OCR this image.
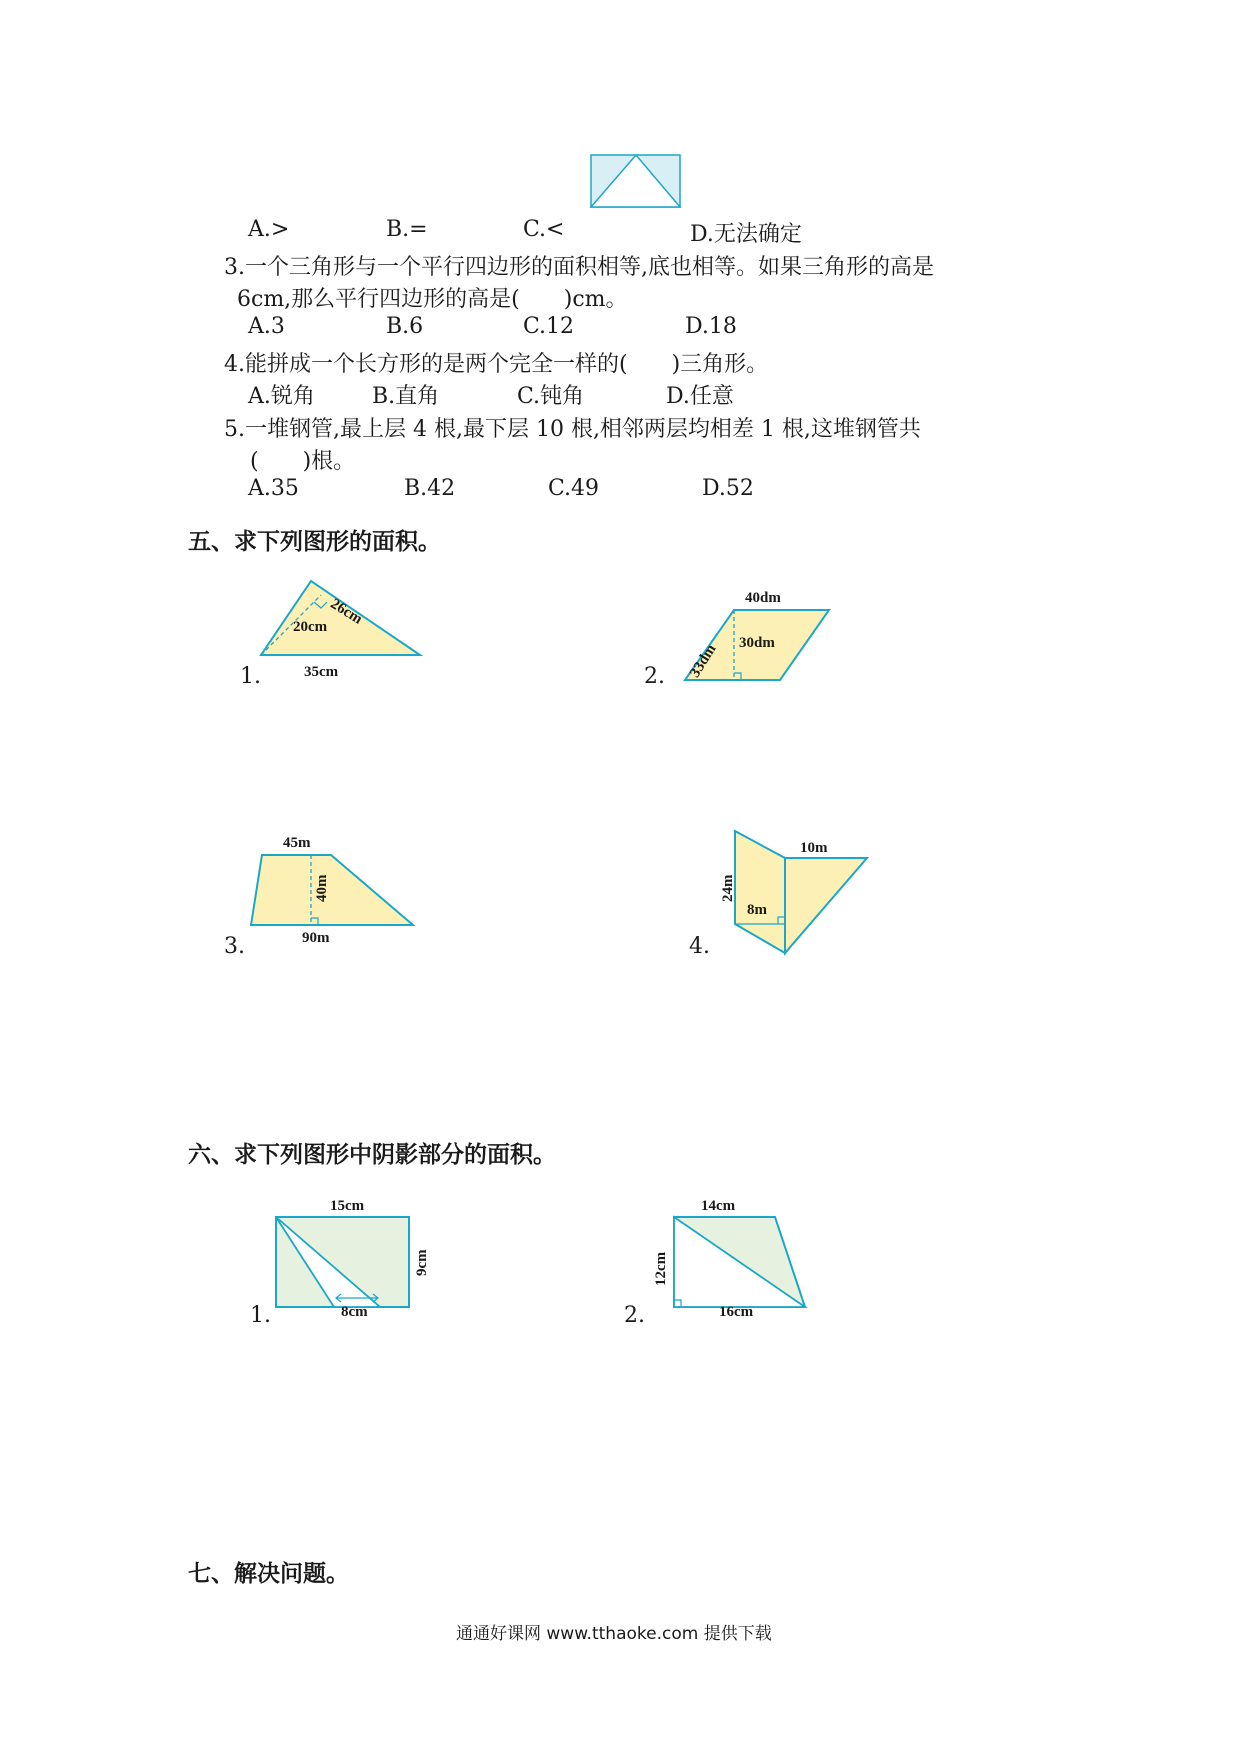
A.>	B.=	C.<	D.无法确定
3.一个三角形与一个平行四边形的面积相等,底也相等。如果三角形的高是
6cm,那么平行四边形的高是(　　)cm。
A.3	B.6	C.12	D.18
4.能拼成一个长方形的是两个完全一样的(　　)三角形。
A.锐角	B.直角	C.钝角	D.任意
5.一堆钢管,最上层 4 根,最下层 10 根,相邻两层均相差 1 根,这堆钢管共
(　　)根。
A.35	B.42	C.49	D.52
五、求下列图形的面积。
1.
26cm
20cm
35cm	2.
40dm
33dm 30dm
3.
45m
40m
90m	4.
24m
10m
8m
六、求下列图形中阴影部分的面积。
1.
15cm
9cm
8cm	2.
14cm
12cm
16cm
七、解决问题。
通通好课网 www.tthaoke.com 提供下载
